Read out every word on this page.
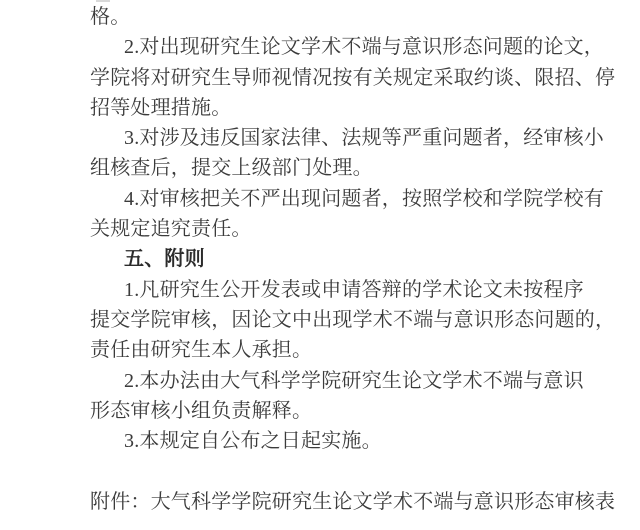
格。
2.对出现研究生论文学术不端与意识形态问题的论文，
学院将对研究生导师视情况按有关规定采取约谈、限招、停
招等处理措施。
3.对涉及违反国家法律、法规等严重问题者，经审核小
组核查后，提交上级部门处理。
4.对审核把关不严出现问题者，按照学校和学院学校有
关规定追究责任。
五、附则
1.凡研究生公开发表或申请答辩的学术论文未按程序
提交学院审核，因论文中出现学术不端与意识形态问题的，
责任由研究生本人承担。
2.本办法由大气科学学院研究生论文学术不端与意识
形态审核小组负责解释。
3.本规定自公布之日起实施。
附件：大气科学学院研究生论文学术不端与意识形态审核表
